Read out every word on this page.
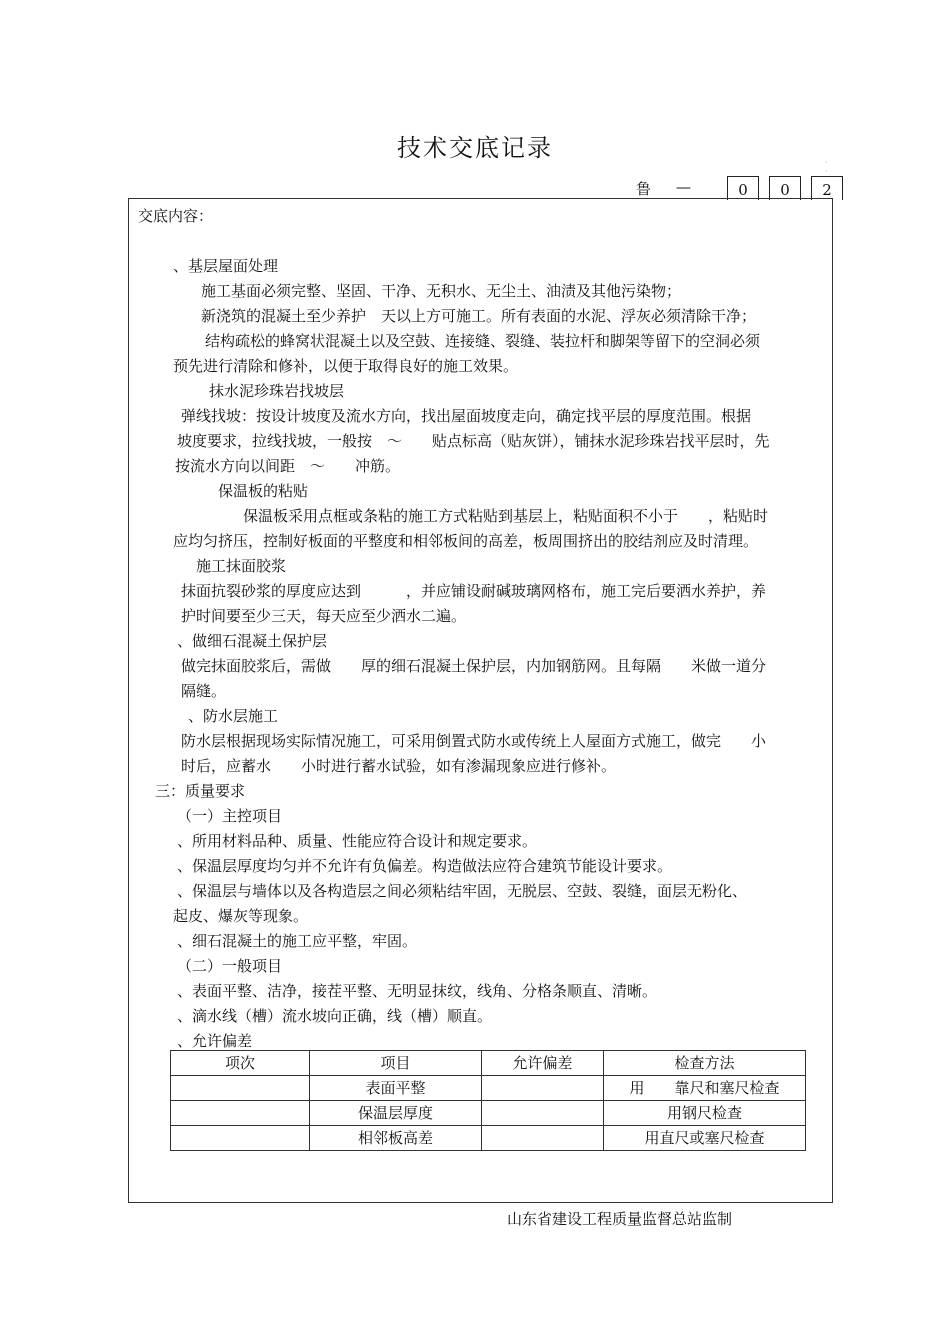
· ·
技术交底记录
鲁 —	0	0	2
交底内容：
、基层屋面处理
施工基面必须完整、坚固、干净、无积水、无尘土、油渍及其他污染物；
新浇筑的混凝土至少养护　天以上方可施工。所有表面的水泥、浮灰必须清除干净；
结构疏松的蜂窝状混凝土以及空鼓、连接缝、裂缝、装拉杆和脚架等留下的空洞必须
预先进行清除和修补，以便于取得良好的施工效果。
抹水泥珍珠岩找坡层
弹线找坡：按设计坡度及流水方向，找出屋面坡度走向，确定找平层的厚度范围。根据
坡度要求，拉线找坡，一般按　～　　贴点标高（贴灰饼），铺抹水泥珍珠岩找平层时，先
按流水方向以间距　～　　冲筋。
保温板的粘贴
保温板采用点框或条粘的施工方式粘贴到基层上，粘贴面积不小于　　，粘贴时
应均匀挤压，控制好板面的平整度和相邻板间的高差，板周围挤出的胶结剂应及时清理。
施工抹面胶浆
抹面抗裂砂浆的厚度应达到　　　，并应铺设耐碱玻璃网格布，施工完后要洒水养护，养
护时间要至少三天，每天应至少洒水二遍。
、做细石混凝土保护层
做完抹面胶浆后，需做　　厚的细石混凝土保护层，内加钢筋网。且每隔　　米做一道分
隔缝。
、防水层施工
防水层根据现场实际情况施工，可采用倒置式防水或传统上人屋面方式施工，做完　　小
时后，应蓄水　　小时进行蓄水试验，如有渗漏现象应进行修补。
三：质量要求
（一）主控项目
、所用材料品种、质量、性能应符合设计和规定要求。
、保温层厚度均匀并不允许有负偏差。构造做法应符合建筑节能设计要求。
、保温层与墙体以及各构造层之间必须粘结牢固，无脱层、空鼓、裂缝，面层无粉化、
起皮、爆灰等现象。
、细石混凝土的施工应平整，牢固。
（二）一般项目
、表面平整、洁净，接茬平整、无明显抹纹，线角、分格条顺直、清晰。
、滴水线（槽）流水坡向正确，线（槽）顺直。
、允许偏差
项次	项目	允许偏差	检查方法
	表面平整		用　　靠尺和塞尺检查
	保温层厚度		用钢尺检查
	相邻板高差		用直尺或塞尺检查
山东省建设工程质量监督总站监制
